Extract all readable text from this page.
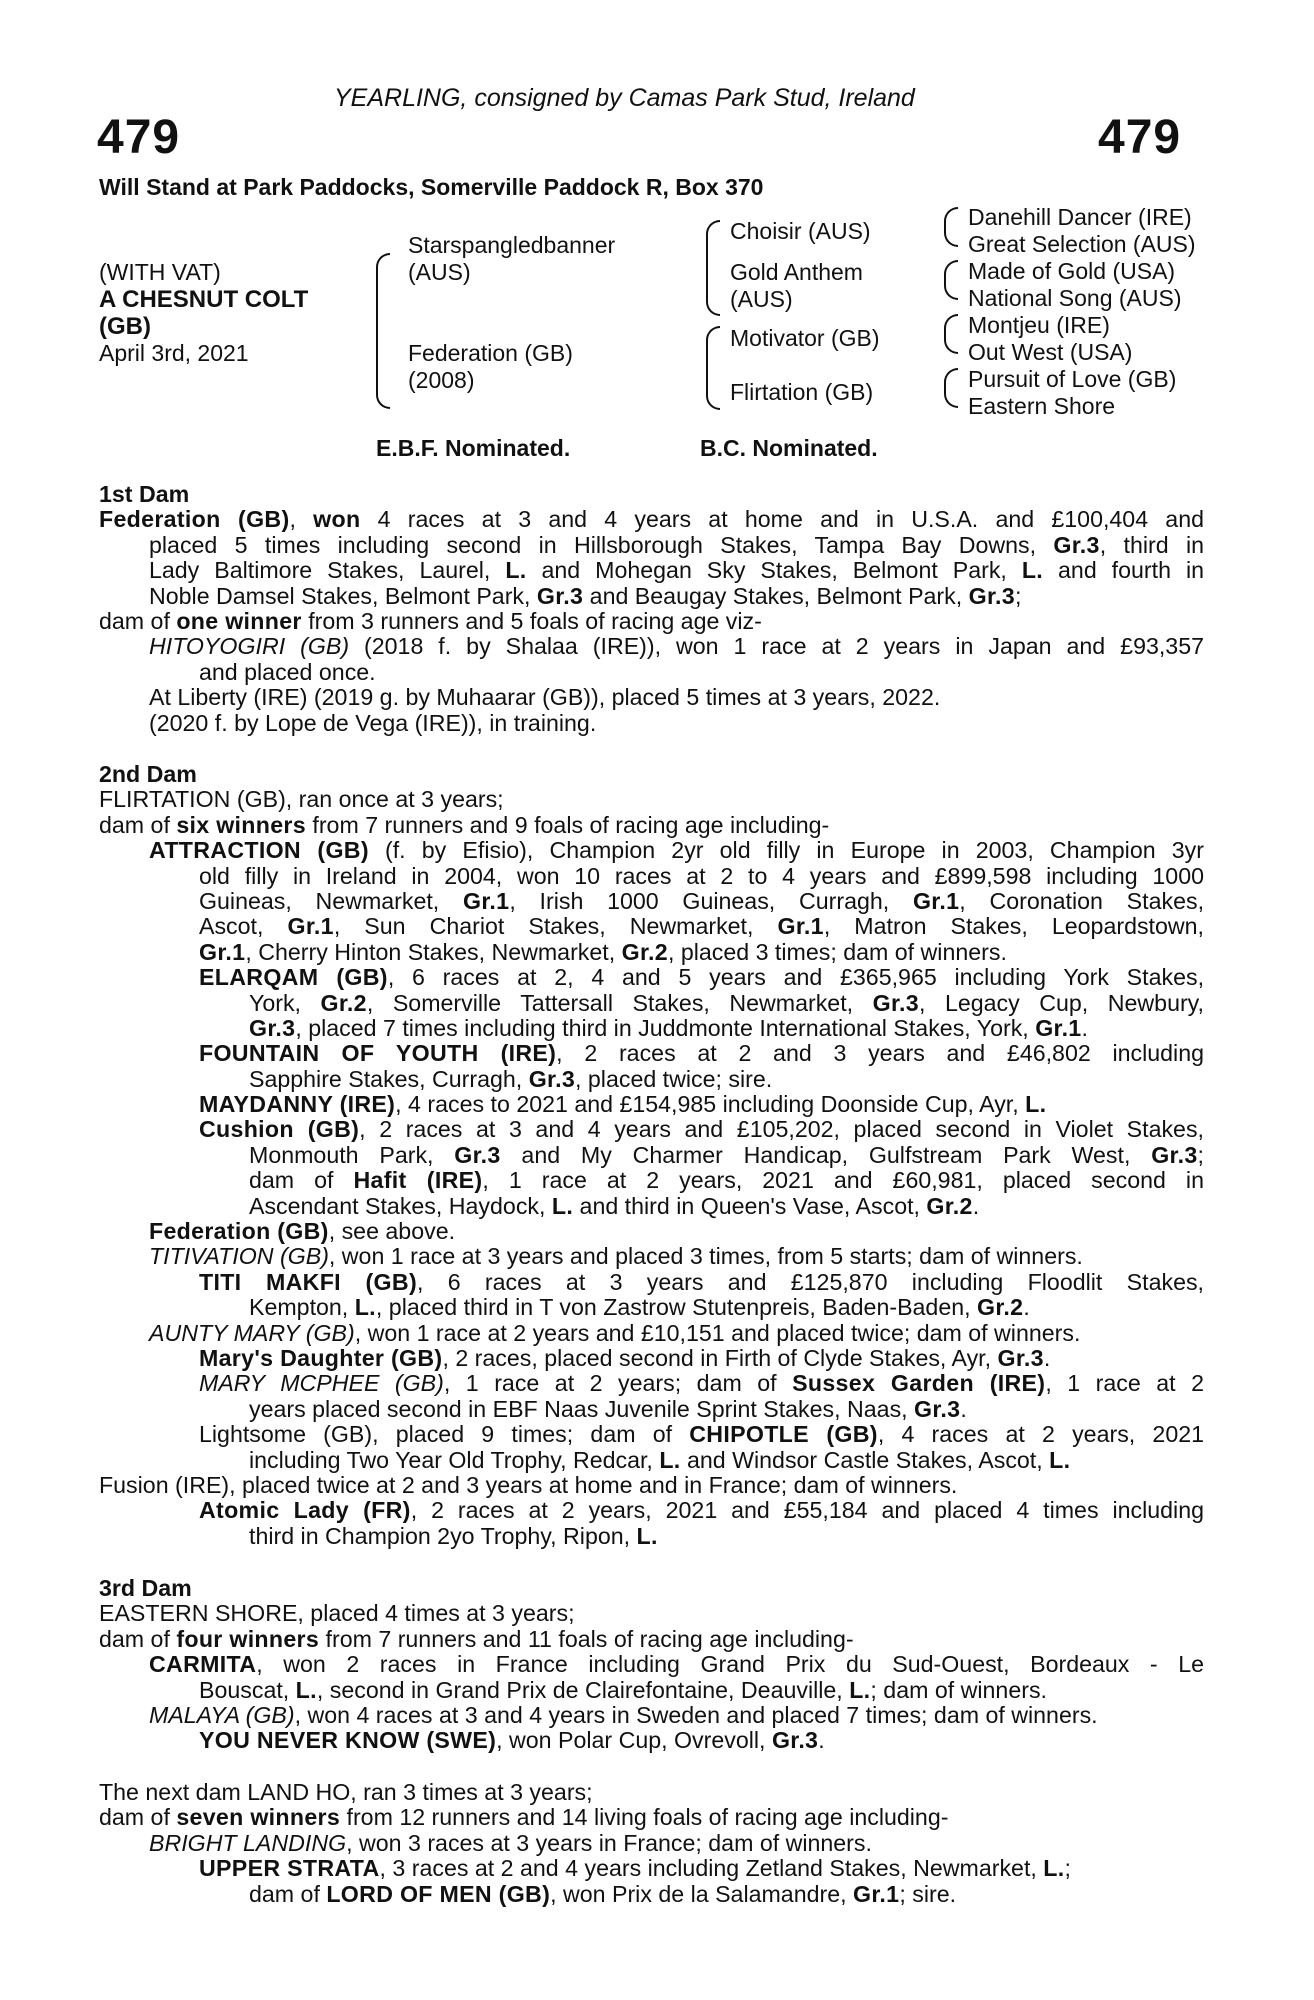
YEARLING, consigned by Camas Park Stud, Ireland
479	479
Will Stand at Park Paddocks, Somerville Paddock R, Box 370
(WITH VAT)
A CHESNUT COLT
(GB)
April 3rd, 2021
Starspangledbanner
(AUS)
Federation (GB)
(2008)
Choisir (AUS)
Gold Anthem
(AUS)
Motivator (GB)
Flirtation (GB)
Danehill Dancer (IRE)
Great Selection (AUS)
Made of Gold (USA)
National Song (AUS)
Montjeu (IRE)
Out West (USA)
Pursuit of Love (GB)
Eastern Shore
E.B.F. Nominated.	B.C. Nominated.
1st Dam
Federation (GB), won 4 races at 3 and 4 years at home and in U.S.A. and £100,404 and
placed 5 times including second in Hillsborough Stakes, Tampa Bay Downs, Gr.3, third in
Lady Baltimore Stakes, Laurel, L. and Mohegan Sky Stakes, Belmont Park, L. and fourth in
Noble Damsel Stakes, Belmont Park, Gr.3 and Beaugay Stakes, Belmont Park, Gr.3;
dam of one winner from 3 runners and 5 foals of racing age viz-
HITOYOGIRI (GB) (2018 f. by Shalaa (IRE)), won 1 race at 2 years in Japan and £93,357
and placed once.
At Liberty (IRE) (2019 g. by Muhaarar (GB)), placed 5 times at 3 years, 2022.
(2020 f. by Lope de Vega (IRE)), in training.
2nd Dam
FLIRTATION (GB), ran once at 3 years;
dam of six winners from 7 runners and 9 foals of racing age including-
ATTRACTION (GB) (f. by Efisio), Champion 2yr old filly in Europe in 2003, Champion 3yr
old filly in Ireland in 2004, won 10 races at 2 to 4 years and £899,598 including 1000
Guineas, Newmarket, Gr.1, Irish 1000 Guineas, Curragh, Gr.1, Coronation Stakes,
Ascot, Gr.1, Sun Chariot Stakes, Newmarket, Gr.1, Matron Stakes, Leopardstown,
Gr.1, Cherry Hinton Stakes, Newmarket, Gr.2, placed 3 times; dam of winners.
ELARQAM (GB), 6 races at 2, 4 and 5 years and £365,965 including York Stakes,
York, Gr.2, Somerville Tattersall Stakes, Newmarket, Gr.3, Legacy Cup, Newbury,
Gr.3, placed 7 times including third in Juddmonte International Stakes, York, Gr.1.
FOUNTAIN OF YOUTH (IRE), 2 races at 2 and 3 years and £46,802 including
Sapphire Stakes, Curragh, Gr.3, placed twice; sire.
MAYDANNY (IRE), 4 races to 2021 and £154,985 including Doonside Cup, Ayr, L.
Cushion (GB), 2 races at 3 and 4 years and £105,202, placed second in Violet Stakes,
Monmouth Park, Gr.3 and My Charmer Handicap, Gulfstream Park West, Gr.3;
dam of Hafit (IRE), 1 race at 2 years, 2021 and £60,981, placed second in
Ascendant Stakes, Haydock, L. and third in Queen's Vase, Ascot, Gr.2.
Federation (GB), see above.
TITIVATION (GB), won 1 race at 3 years and placed 3 times, from 5 starts; dam of winners.
TITI MAKFI (GB), 6 races at 3 years and £125,870 including Floodlit Stakes,
Kempton, L., placed third in T von Zastrow Stutenpreis, Baden-Baden, Gr.2.
AUNTY MARY (GB), won 1 race at 2 years and £10,151 and placed twice; dam of winners.
Mary's Daughter (GB), 2 races, placed second in Firth of Clyde Stakes, Ayr, Gr.3.
MARY MCPHEE (GB), 1 race at 2 years; dam of Sussex Garden (IRE), 1 race at 2
years placed second in EBF Naas Juvenile Sprint Stakes, Naas, Gr.3.
Lightsome (GB), placed 9 times; dam of CHIPOTLE (GB), 4 races at 2 years, 2021
including Two Year Old Trophy, Redcar, L. and Windsor Castle Stakes, Ascot, L.
Fusion (IRE), placed twice at 2 and 3 years at home and in France; dam of winners.
Atomic Lady (FR), 2 races at 2 years, 2021 and £55,184 and placed 4 times including
third in Champion 2yo Trophy, Ripon, L.
3rd Dam
EASTERN SHORE, placed 4 times at 3 years;
dam of four winners from 7 runners and 11 foals of racing age including-
CARMITA, won 2 races in France including Grand Prix du Sud-Ouest, Bordeaux - Le
Bouscat, L., second in Grand Prix de Clairefontaine, Deauville, L.; dam of winners.
MALAYA (GB), won 4 races at 3 and 4 years in Sweden and placed 7 times; dam of winners.
YOU NEVER KNOW (SWE), won Polar Cup, Ovrevoll, Gr.3.
The next dam LAND HO, ran 3 times at 3 years;
dam of seven winners from 12 runners and 14 living foals of racing age including-
BRIGHT LANDING, won 3 races at 3 years in France; dam of winners.
UPPER STRATA, 3 races at 2 and 4 years including Zetland Stakes, Newmarket, L.;
dam of LORD OF MEN (GB), won Prix de la Salamandre, Gr.1; sire.
